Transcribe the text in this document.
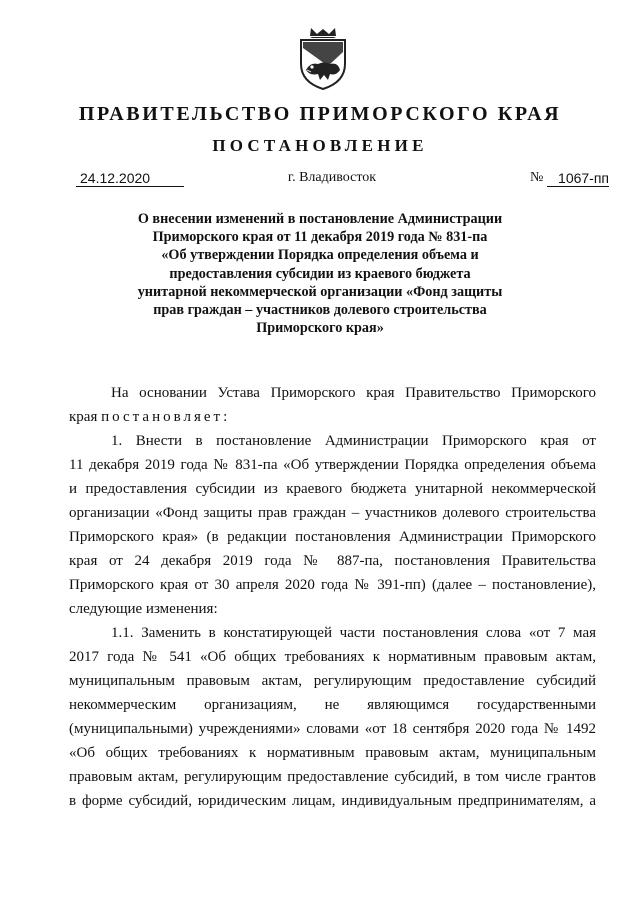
ПРАВИТЕЛЬСТВО ПРИМОРСКОГО КРАЯ
ПОСТАНОВЛЕНИЕ
24.12.2020	г. Владивосток	№	1067-пп
О внесении изменений в постановление Администрации
Приморского края от 11 декабря 2019 года № 831-па
«Об утверждении Порядка определения объема и
предоставления субсидии из краевого бюджета
унитарной некоммерческой организации «Фонд защиты
прав граждан – участников долевого строительства
Приморского края»
На основании Устава Приморского края Правительство Приморского
края постановляет:
1. Внести в постановление Администрации Приморского края от
11 декабря 2019 года № 831-па «Об утверждении Порядка определения объема
и предоставления субсидии из краевого бюджета унитарной некоммерческой
организации «Фонд защиты прав граждан – участников долевого строительства
Приморского края» (в редакции постановления Администрации Приморского
края от 24 декабря 2019 года № 887-па, постановления Правительства
Приморского края от 30 апреля 2020 года № 391-пп) (далее – постановление),
следующие изменения:
1.1. Заменить в констатирующей части постановления слова «от 7 мая
2017 года № 541 «Об общих требованиях к нормативным правовым актам,
муниципальным правовым актам, регулирующим предоставление субсидий
некоммерческим организациям, не являющимся государственными
(муниципальными) учреждениями» словами «от 18 сентября 2020 года № 1492
«Об общих требованиях к нормативным правовым актам, муниципальным
правовым актам, регулирующим предоставление субсидий, в том числе грантов
в форме субсидий, юридическим лицам, индивидуальным предпринимателям, а
